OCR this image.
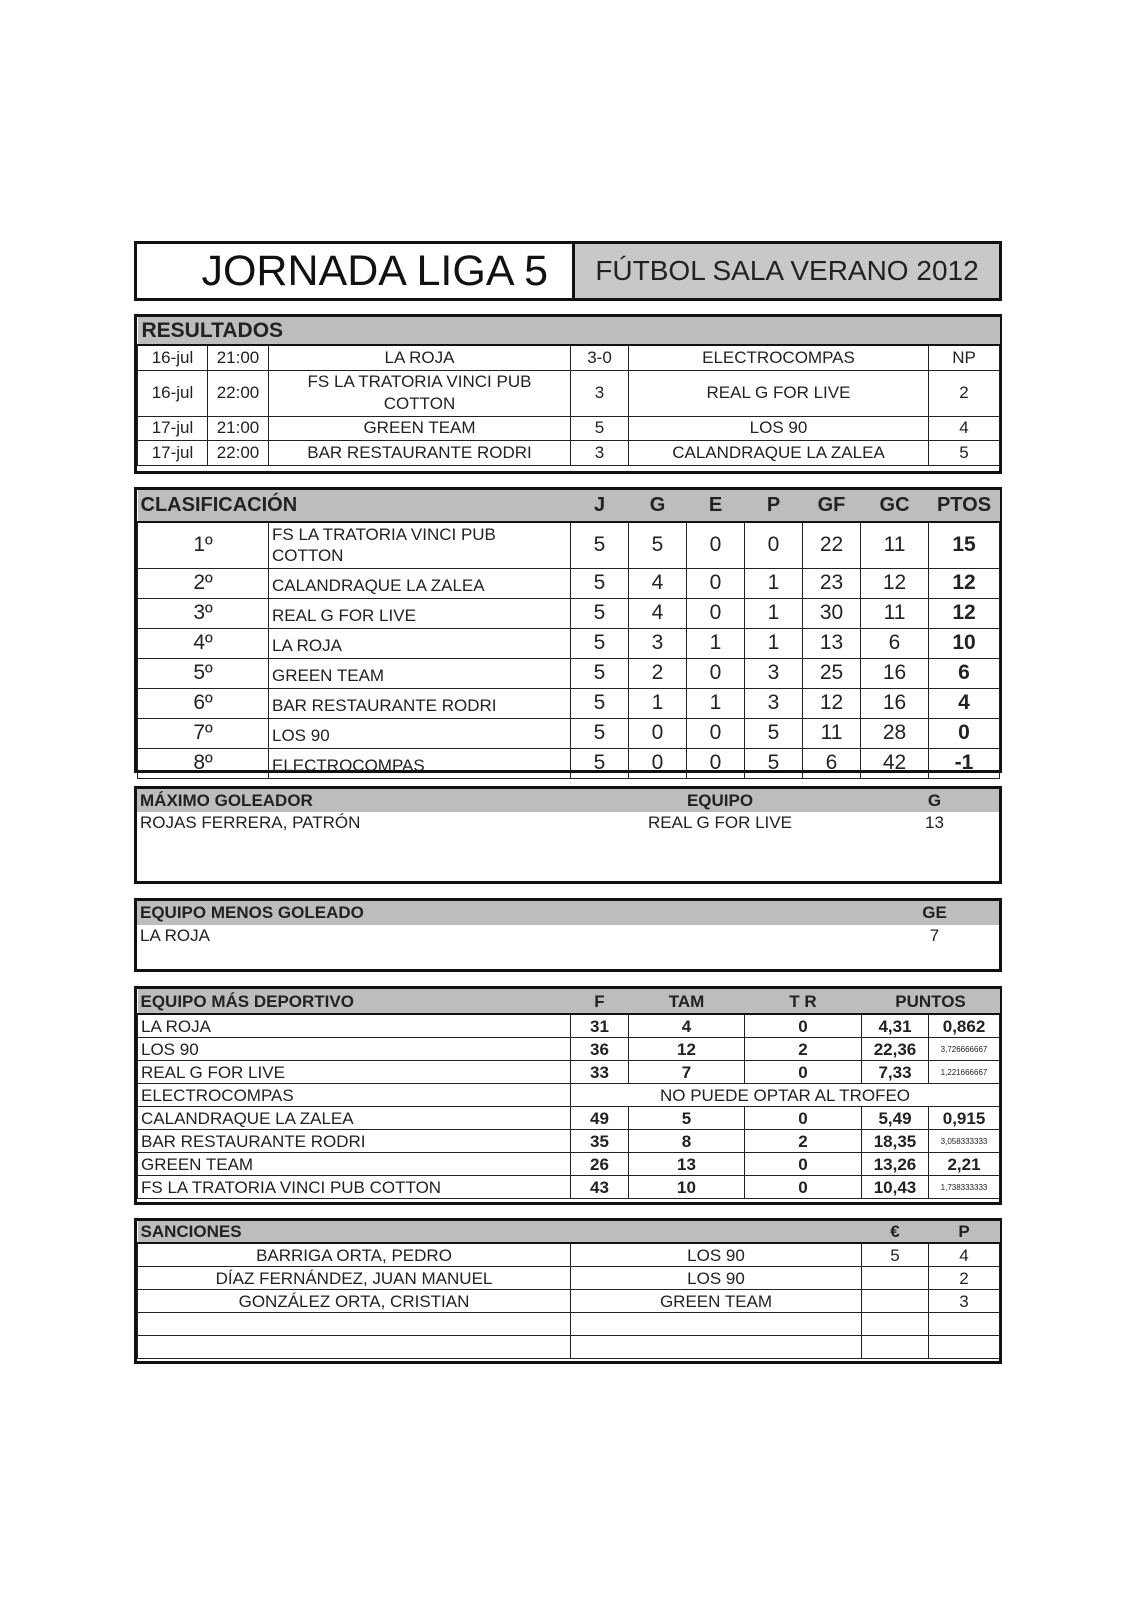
JORNADA LIGA 5	FÚTBOL SALA VERANO 2012
RESULTADOS					
16-jul	21:00	LA ROJA	3-0	ELECTROCOMPAS	NP
16-jul	22:00	FS LA TRATORIA VINCI PUB COTTON	3	REAL G FOR LIVE	2
17-jul	21:00	GREEN TEAM	5	LOS 90	4
17-jul	22:00	BAR RESTAURANTE RODRI	3	CALANDRAQUE LA ZALEA	5
CLASIFICACIÓN		J	G	E	P	GF	GC	PTOS
1º	FS LA TRATORIA VINCI PUB COTTON	5	5	0	0	22	11	15
2º	CALANDRAQUE LA ZALEA	5	4	0	1	23	12	12
3º	REAL G FOR LIVE	5	4	0	1	30	11	12
4º	LA ROJA	5	3	1	1	13	6	10
5º	GREEN TEAM	5	2	0	3	25	16	6
6º	BAR RESTAURANTE RODRI	5	1	1	3	12	16	4
7º	LOS 90	5	0	0	5	11	28	0
8º	ELECTROCOMPAS	5	0	0	5	6	42	-1
MÁXIMO GOLEADOR	EQUIPO	G
ROJAS FERRERA, PATRÓN	REAL G FOR LIVE	13
EQUIPO MENOS GOLEADO	GE
LA ROJA	7
EQUIPO MÁS DEPORTIVO	F	TAM	T R	PUNTOS	
LA ROJA	31	4	0	4,31	0,862
LOS 90	36	12	2	22,36	3,726666667
REAL G FOR LIVE	33	7	0	7,33	1,221666667
ELECTROCOMPAS	NO PUEDE OPTAR AL TROFEO				
CALANDRAQUE LA ZALEA	49	5	0	5,49	0,915
BAR RESTAURANTE RODRI	35	8	2	18,35	3,058333333
GREEN TEAM	26	13	0	13,26	2,21
FS LA TRATORIA VINCI PUB COTTON	43	10	0	10,43	1,738333333
SANCIONES		€	P
BARRIGA ORTA, PEDRO	LOS 90	5	4
DÍAZ FERNÁNDEZ, JUAN MANUEL	LOS 90		2
GONZÁLEZ ORTA, CRISTIAN	GREEN TEAM		3
